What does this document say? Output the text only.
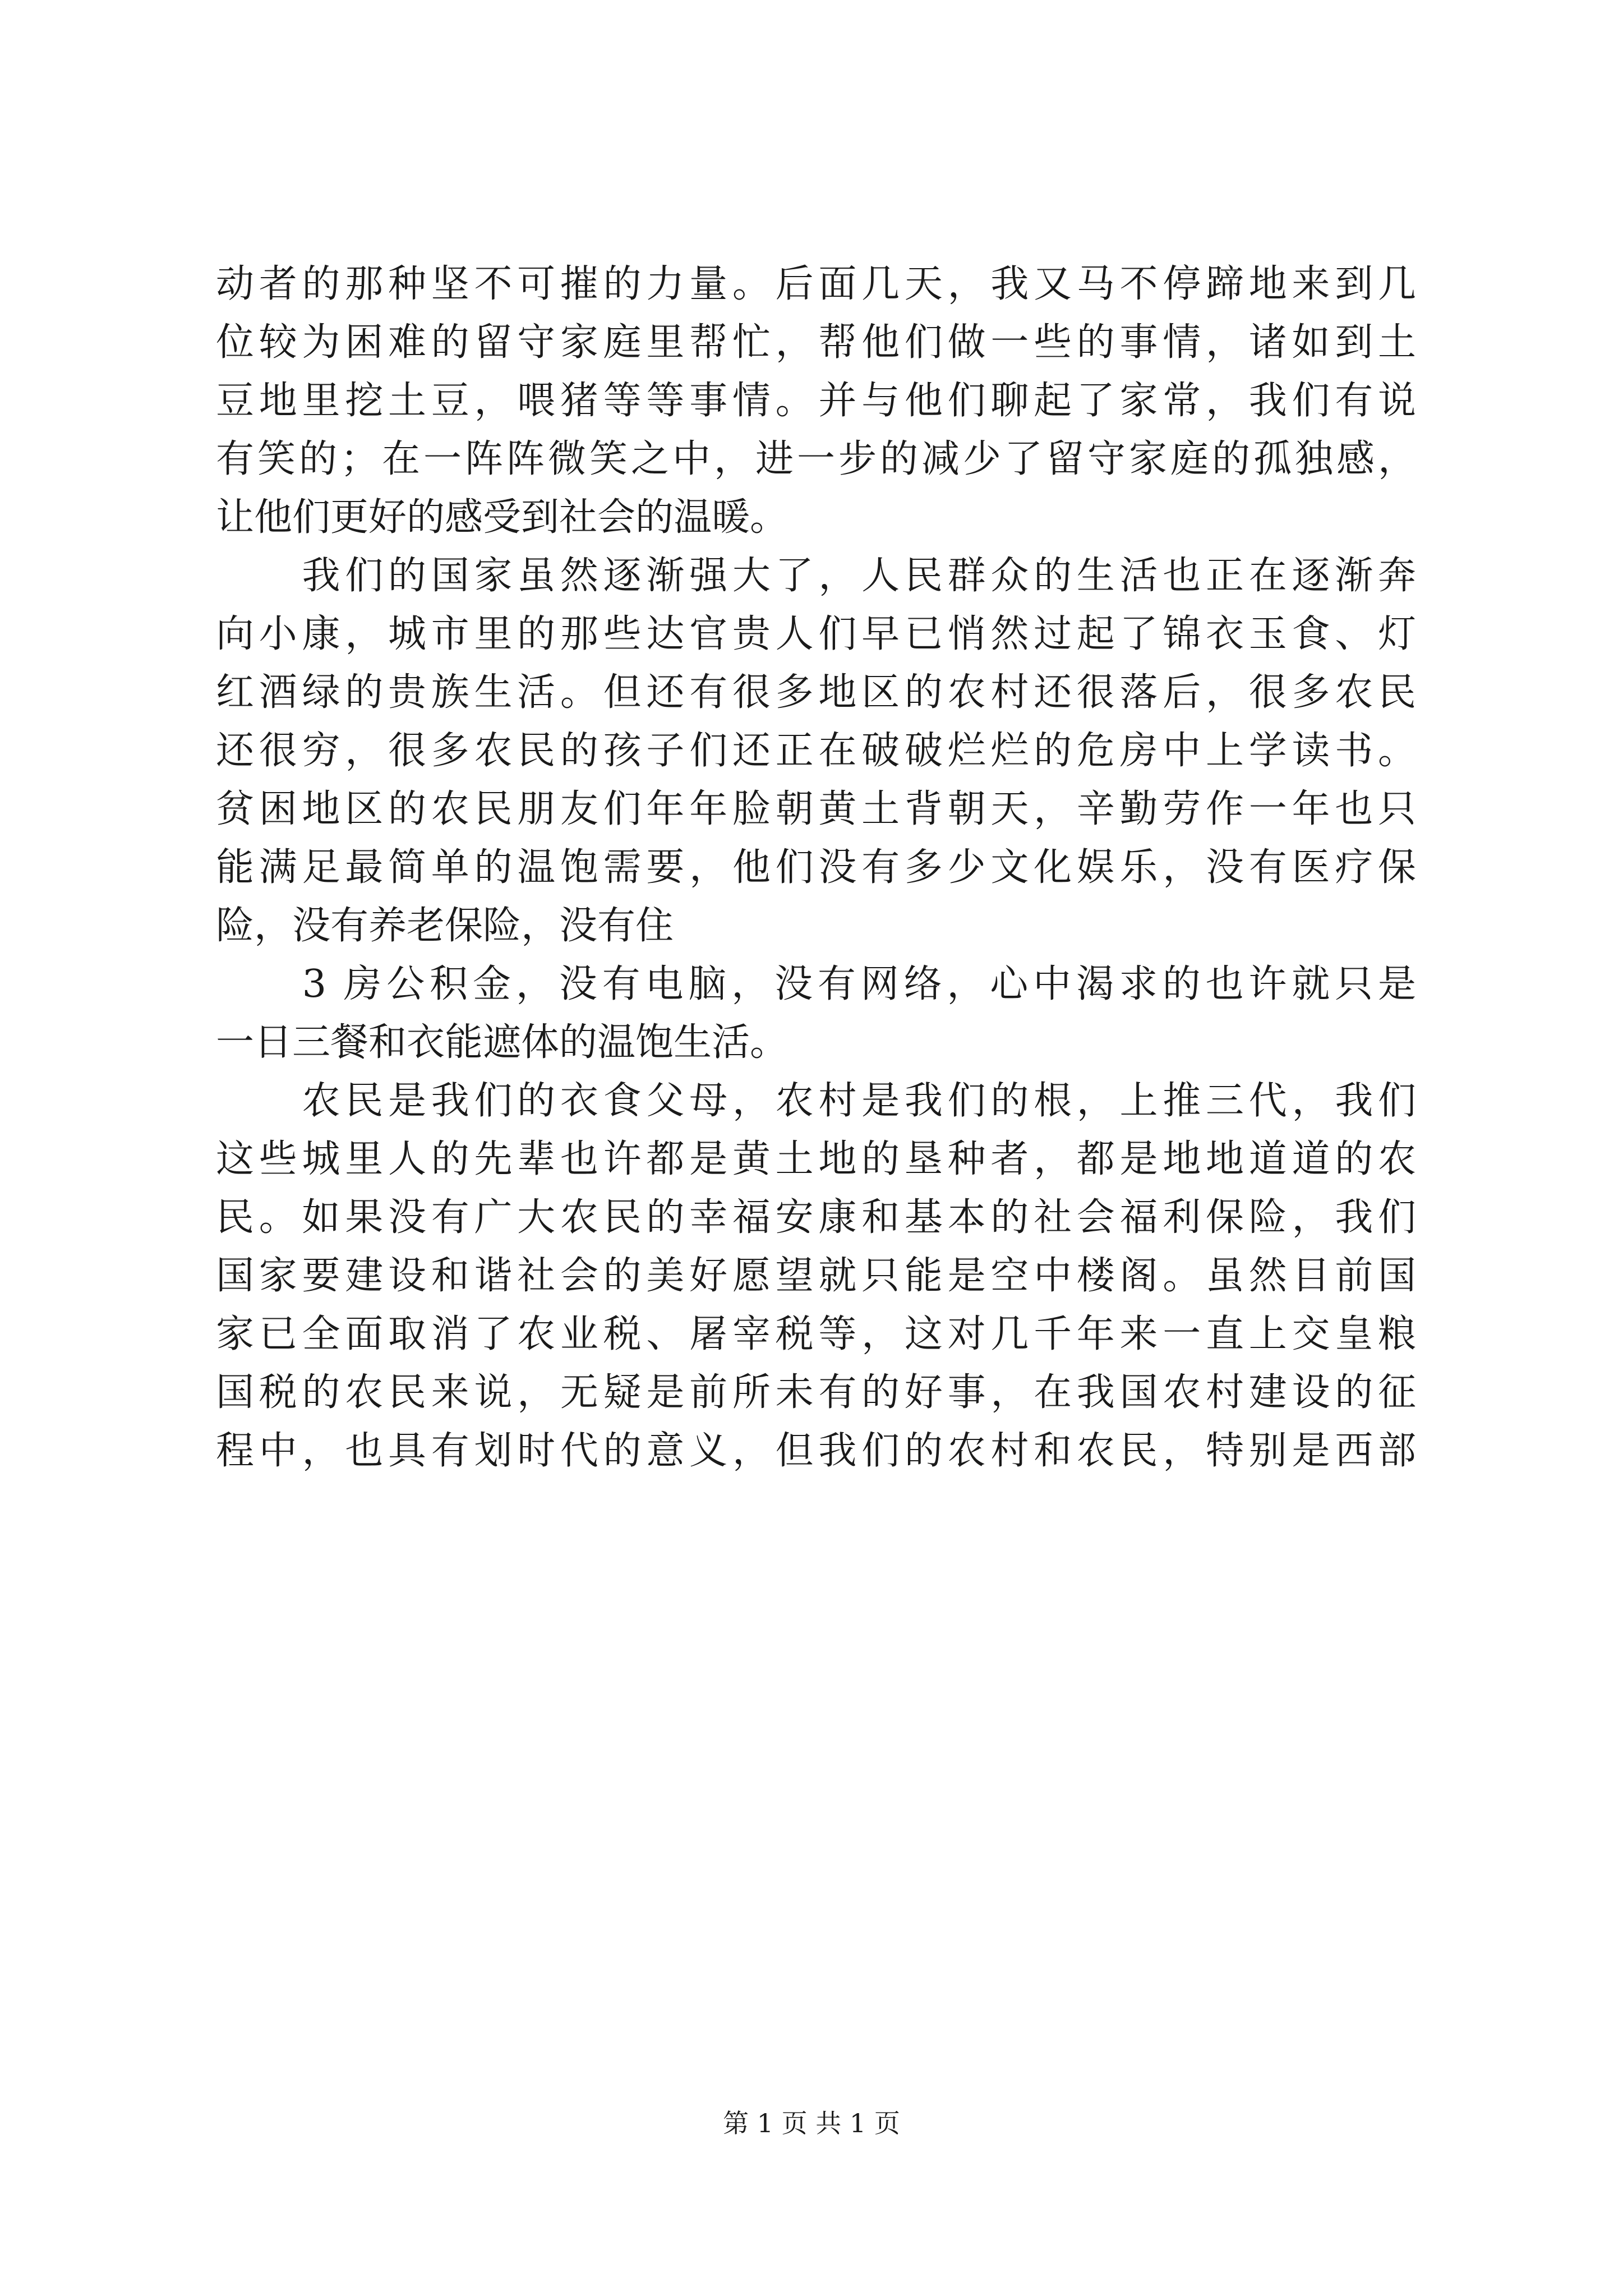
动者的那种坚不可摧的力量。后面几天，我又马不停蹄地来到几
位较为困难的留守家庭里帮忙，帮他们做一些的事情，诸如到土
豆地里挖土豆，喂猪等等事情。并与他们聊起了家常，我们有说
有笑的；在一阵阵微笑之中，进一步的减少了留守家庭的孤独感，
让他们更好的感受到社会的温暖。
　　我们的国家虽然逐渐强大了，人民群众的生活也正在逐渐奔
向小康，城市里的那些达官贵人们早已悄然过起了锦衣玉食、灯
红酒绿的贵族生活。但还有很多地区的农村还很落后，很多农民
还很穷，很多农民的孩子们还正在破破烂烂的危房中上学读书。
贫困地区的农民朋友们年年脸朝黄土背朝天，辛勤劳作一年也只
能满足最简单的温饱需要，他们没有多少文化娱乐，没有医疗保
险，没有养老保险，没有住
　　3 房公积金，没有电脑，没有网络，心中渴求的也许就只是
一日三餐和衣能遮体的温饱生活。
　　农民是我们的衣食父母，农村是我们的根，上推三代，我们
这些城里人的先辈也许都是黄土地的垦种者，都是地地道道的农
民。如果没有广大农民的幸福安康和基本的社会福利保险，我们
国家要建设和谐社会的美好愿望就只能是空中楼阁。虽然目前国
家已全面取消了农业税、屠宰税等，这对几千年来一直上交皇粮
国税的农民来说，无疑是前所未有的好事，在我国农村建设的征
程中，也具有划时代的意义，但我们的农村和农民，特别是西部
第 1 页 共 1 页
